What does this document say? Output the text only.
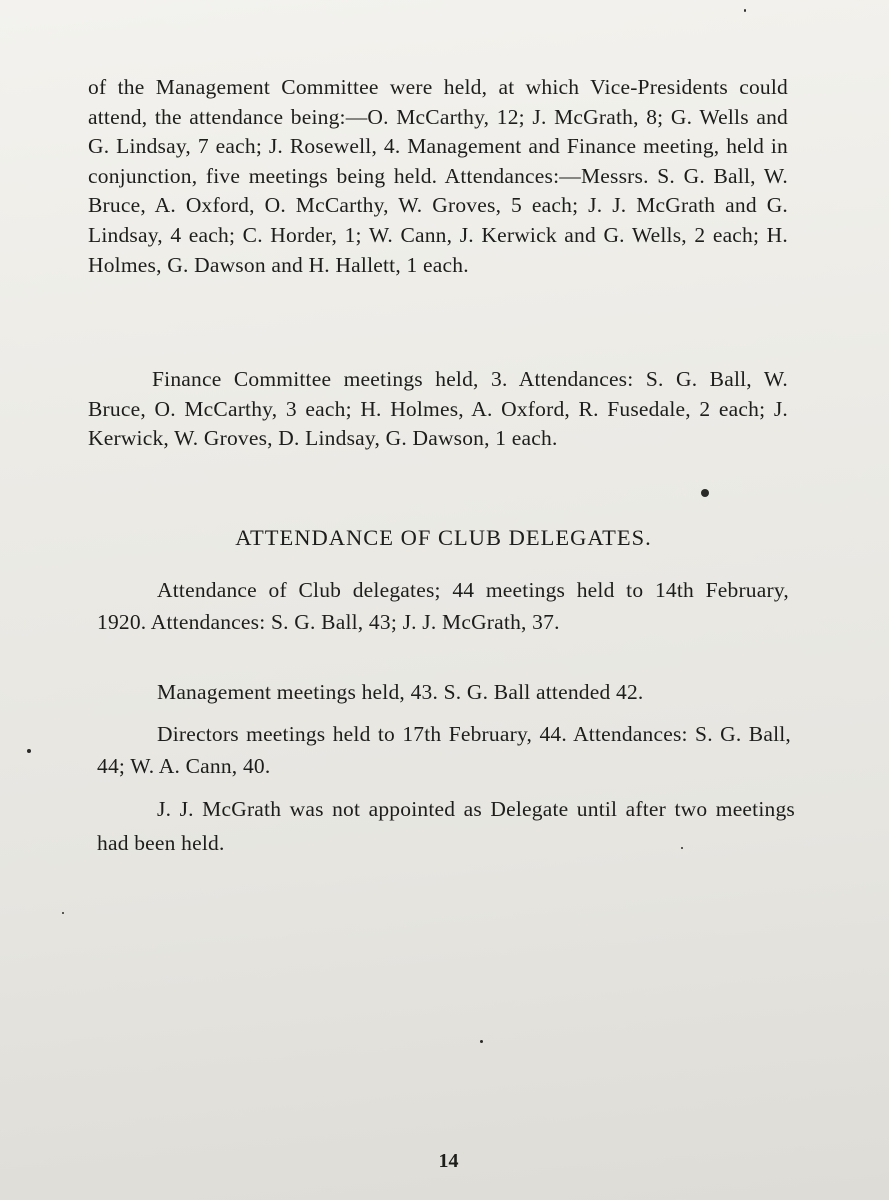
of the Management Committee were held, at which Vice-Presidents could attend, the attendance being:—O. McCarthy, 12; J. McGrath, 8; G. Wells and G. Lindsay, 7 each; J. Rosewell, 4. Management and Finance meeting, held in conjunction, five meetings being held. Attendances:—Messrs. S. G. Ball, W. Bruce, A. Oxford, O. McCarthy, W. Groves, 5 each; J. J. McGrath and G. Lindsay, 4 each; C. Horder, 1; W. Cann, J. Kerwick and G. Wells, 2 each; H. Holmes, G. Dawson and H. Hallett, 1 each.

Finance Committee meetings held, 3. Attendances: S. G. Ball, W. Bruce, O. McCarthy, 3 each; H. Holmes, A. Oxford, R. Fusedale, 2 each; J. Kerwick, W. Groves, D. Lindsay, G. Dawson, 1 each.

ATTENDANCE OF CLUB DELEGATES.

Attendance of Club delegates; 44 meetings held to 14th February, 1920. Attendances: S. G. Ball, 43; J. J. McGrath, 37.

Management meetings held, 43. S. G. Ball attended 42.

Directors meetings held to 17th February, 44. Attendances: S. G. Ball, 44; W. A. Cann, 40.

J. J. McGrath was not appointed as Delegate until after two meetings had been held.

14
